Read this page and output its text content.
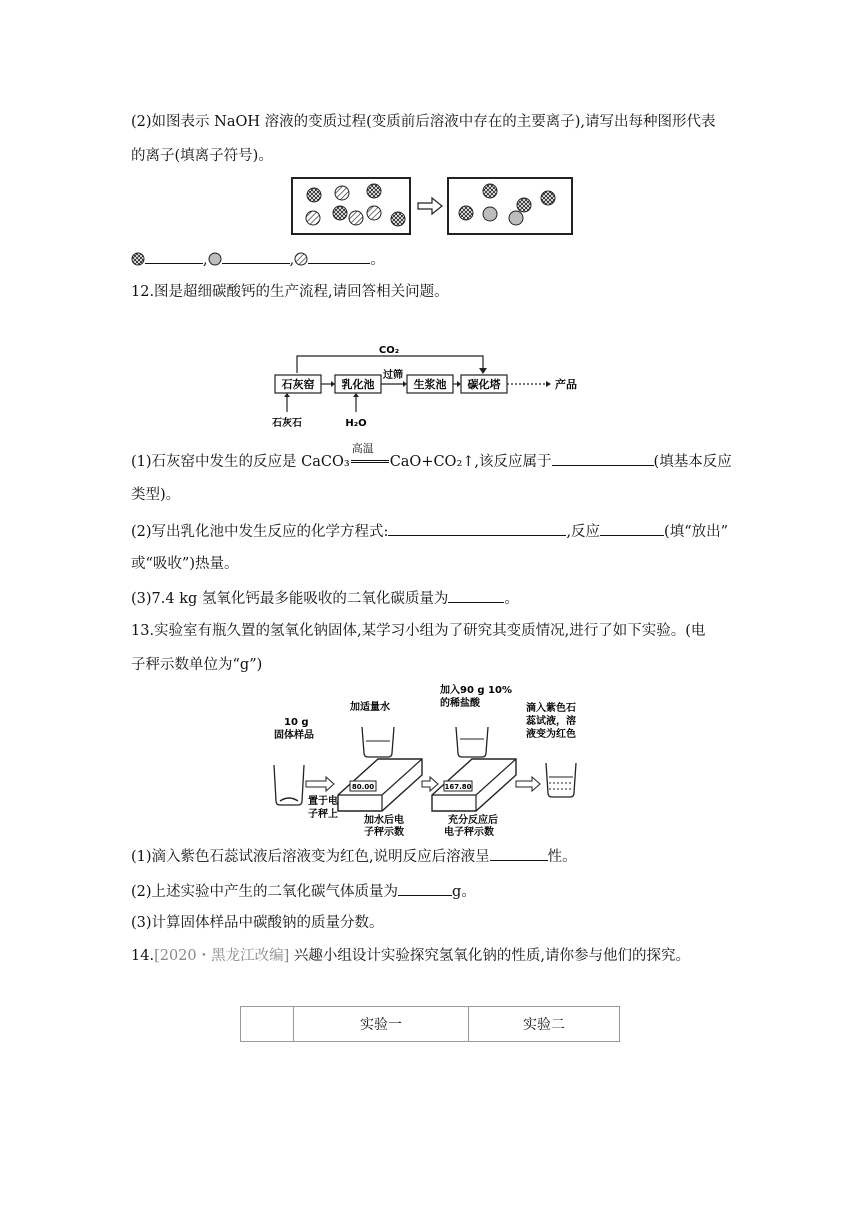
(2)如图表示 NaOH 溶液的变质过程(变质前后溶液中存在的主要离子),请写出每种图形代表
的离子(填离子符号)。
,	,	。
12.图是超细碳酸钙的生产流程,请回答相关问题。
CO₂
石灰窑 乳化池	生浆池 碳化塔
过筛
产品
石灰石	H₂O
(1)石灰窑中发生的反应是 CaCO₃
高温
CaO+CO₂↑,该反应属于	(填基本反应
类型)。
(2)写出乳化池中发生反应的化学方程式:	,反应	(填“放出”
或“吸收”)热量。
(3)7.4 kg 氢氧化钙最多能吸收的二氧化碳质量为	。
13.实验室有瓶久置的氢氧化钠固体,某学习小组为了研究其变质情况,进行了如下实验。(电
子秤示数单位为“g”)
10 g
固体样品
置于电
子秤上
加适量水
80.00
加水后电
子秤示数
加入90 g 10%
的稀盐酸
167.80
充分反应后
电子秤示数
滴入紫色石
蕊试液，溶
液变为红色
(1)滴入紫色石蕊试液后溶液变为红色,说明反应后溶液呈	性。
(2)上述实验中产生的二氧化碳气体质量为	g。
(3)计算固体样品中碳酸钠的质量分数。
14.[2020・黑龙江改编] 兴趣小组设计实验探究氢氧化钠的性质,请你参与他们的探究。
	实验一	实验二
